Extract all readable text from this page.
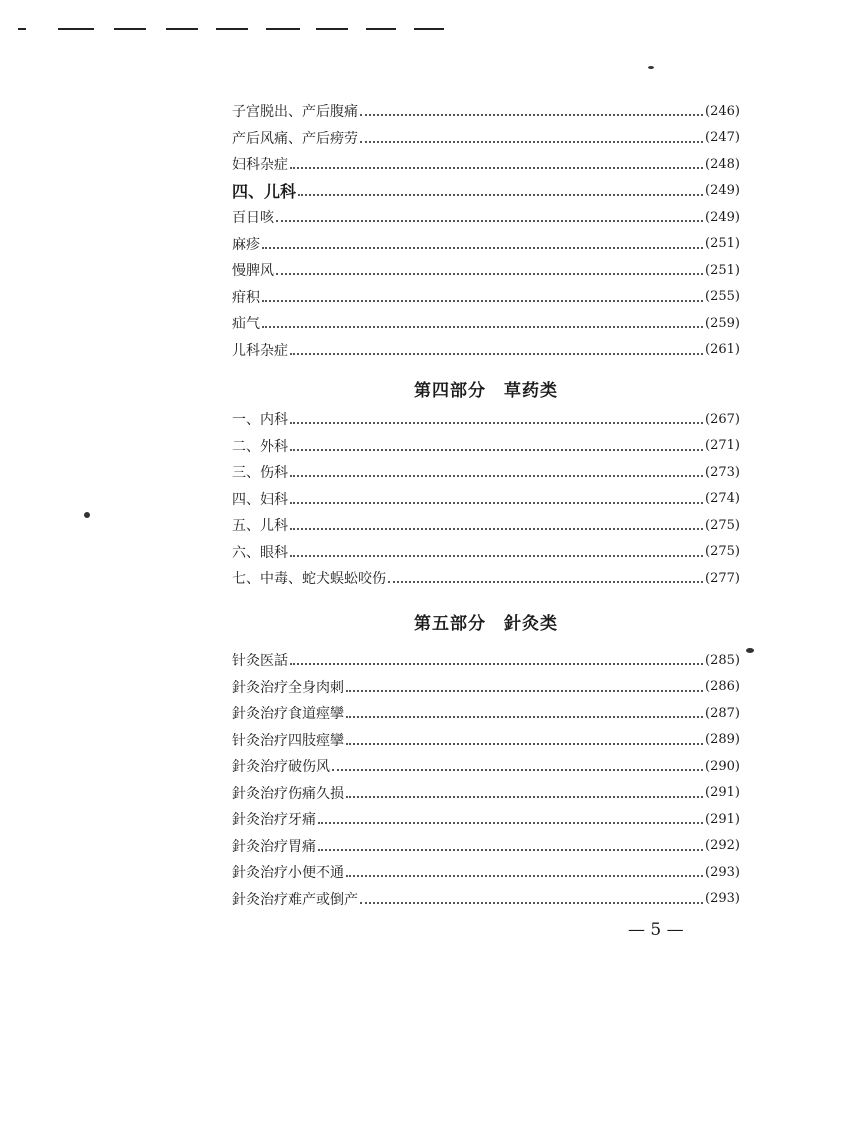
子宫脱出、产后腹痛	(246)
产后风痛、产后痨劳	(247)
妇科杂症	(248)
四、儿科	(249)
百日咳	(249)
麻疹	(251)
慢脾风	(251)
疳积	(255)
疝气	(259)
儿科杂症	(261)
第四部分　草药类
一、内科	(267)
二、外科	(271)
三、伤科	(273)
四、妇科	(274)
五、儿科	(275)
六、眼科	(275)
七、中毒、蛇犬蜈蚣咬伤	(277)
第五部分　針灸类
针灸医話	(285)
針灸治疗全身肉刺	(286)
針灸治疗食道痙攣	(287)
针灸治疗四肢痙攣	(289)
針灸治疗破伤风	(290)
針灸治疗伤痛久损	(291)
針灸治疗牙痛	(291)
針灸治疗胃痛	(292)
針灸治疗小便不通	(293)
針灸治疗难产或倒产	(293)
— 5 —
